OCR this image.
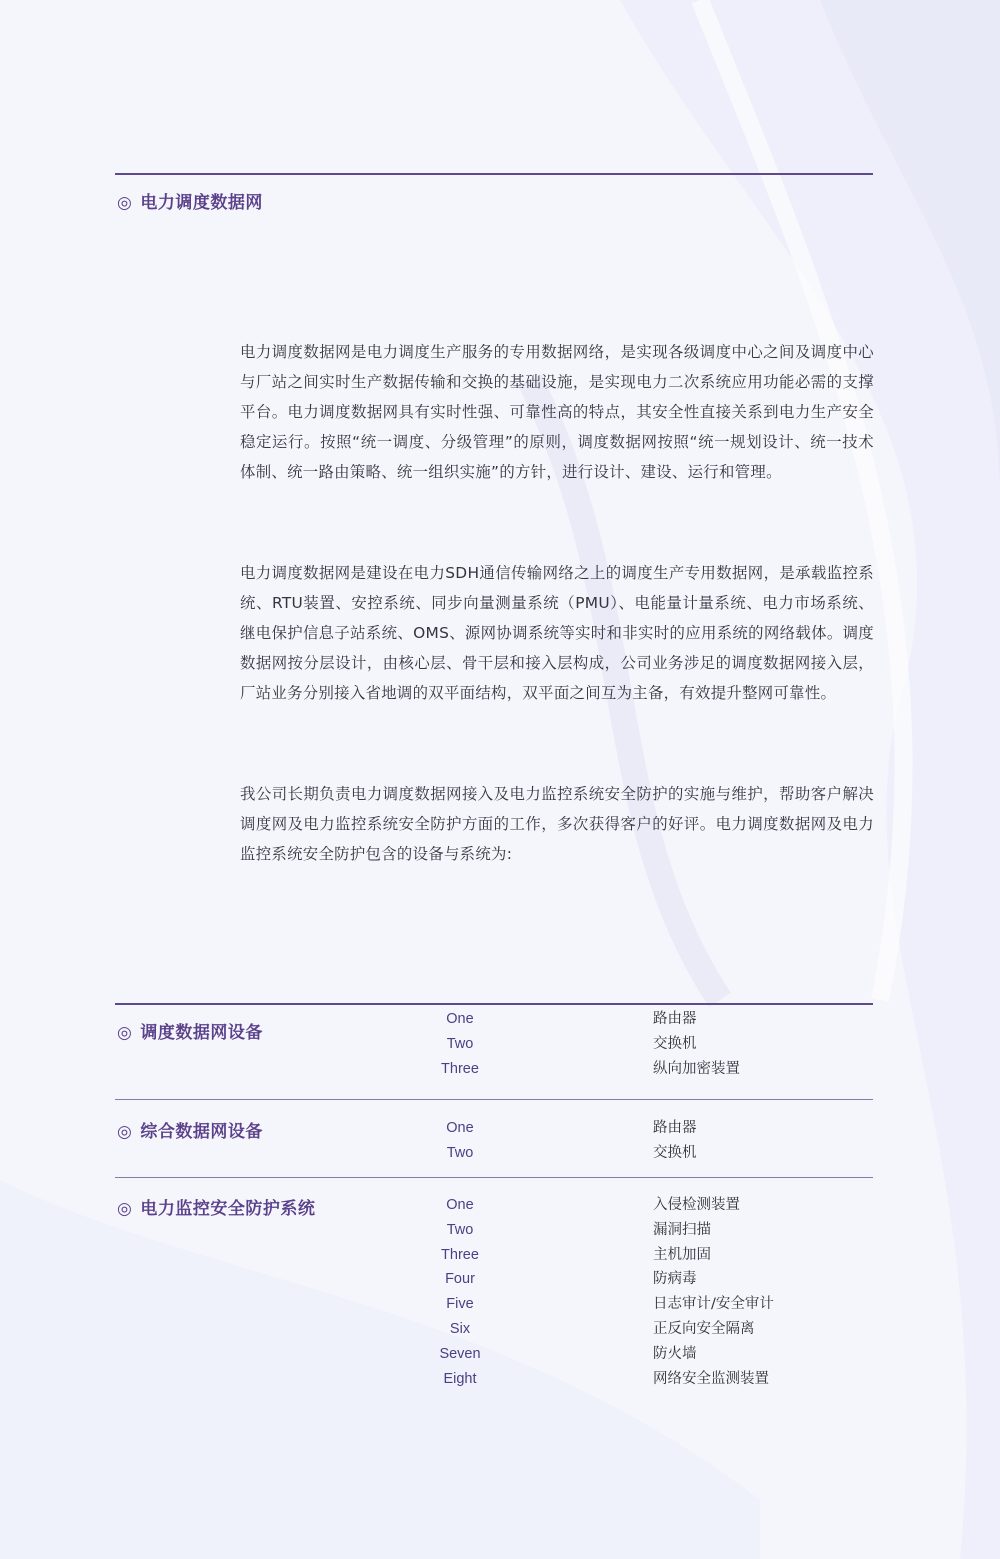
◎ 电力调度数据网

电力调度数据网是电力调度生产服务的专用数据网络，是实现各级调度中心之间及调度中心与厂站之间实时生产数据传输和交换的基础设施，是实现电力二次系统应用功能必需的支撑平台。电力调度数据网具有实时性强、可靠性高的特点，其安全性直接关系到电力生产安全稳定运行。按照“统一调度、分级管理”的原则，调度数据网按照“统一规划设计、统一技术体制、统一路由策略、统一组织实施”的方针，进行设计、建设、运行和管理。

电力调度数据网是建设在电力SDH通信传输网络之上的调度生产专用数据网，是承载监控系统、RTU装置、安控系统、同步向量测量系统（PMU）、电能量计量系统、电力市场系统、继电保护信息子站系统、OMS、源网协调系统等实时和非实时的应用系统的网络载体。调度数据网按分层设计，由核心层、骨干层和接入层构成，公司业务涉足的调度数据网接入层，厂站业务分别接入省地调的双平面结构，双平面之间互为主备，有效提升整网可靠性。

我公司长期负责电力调度数据网接入及电力监控系统安全防护的实施与维护，帮助客户解决调度网及电力监控系统安全防护方面的工作，多次获得客户的好评。电力调度数据网及电力监控系统安全防护包含的设备与系统为:

◎ 调度数据网设备
One	路由器
Two	交换机
Three	纵向加密装置
◎ 综合数据网设备	One	路由器
Two	交换机
◎ 电力监控安全防护系统	One	入侵检测装置
Two	漏洞扫描
Three	主机加固
Four	防病毒
Five	日志审计/安全审计
Six	正反向安全隔离
Seven	防火墙
Eight	网络安全监测装置
